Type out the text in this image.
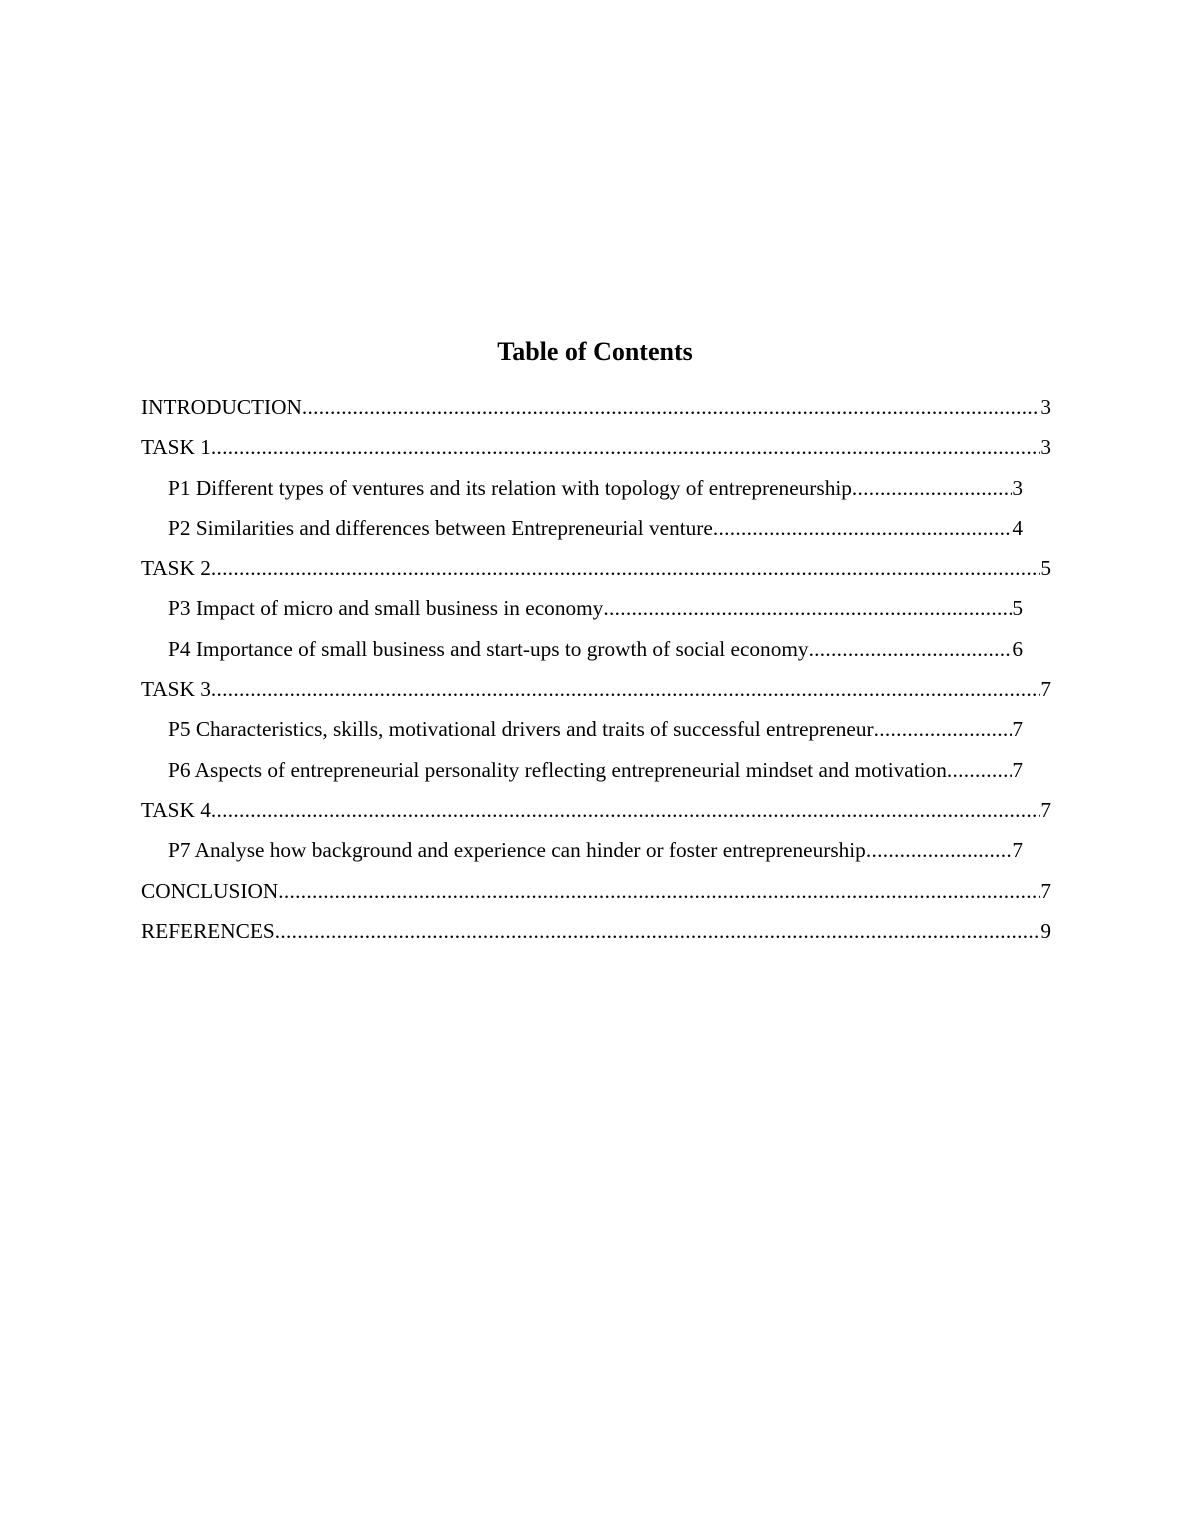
Table of Contents
INTRODUCTION .....	3
TASK 1 .....	3
P1 Different types of ventures and its relation with topology of entrepreneurship .....	3
P2 Similarities and differences between Entrepreneurial venture .....	4
TASK 2 .....	5
P3 Impact of micro and small business in economy .....	5
P4 Importance of small business and start-ups to growth of social economy .....	6
TASK 3 .....	7
P5 Characteristics, skills, motivational drivers and traits of successful entrepreneur .....	7
P6 Aspects of entrepreneurial personality reflecting entrepreneurial mindset and motivation .....	7
TASK 4 .....	7
P7 Analyse how background and experience can hinder or foster entrepreneurship .....	7
CONCLUSION .....	7
REFERENCES .....	9
